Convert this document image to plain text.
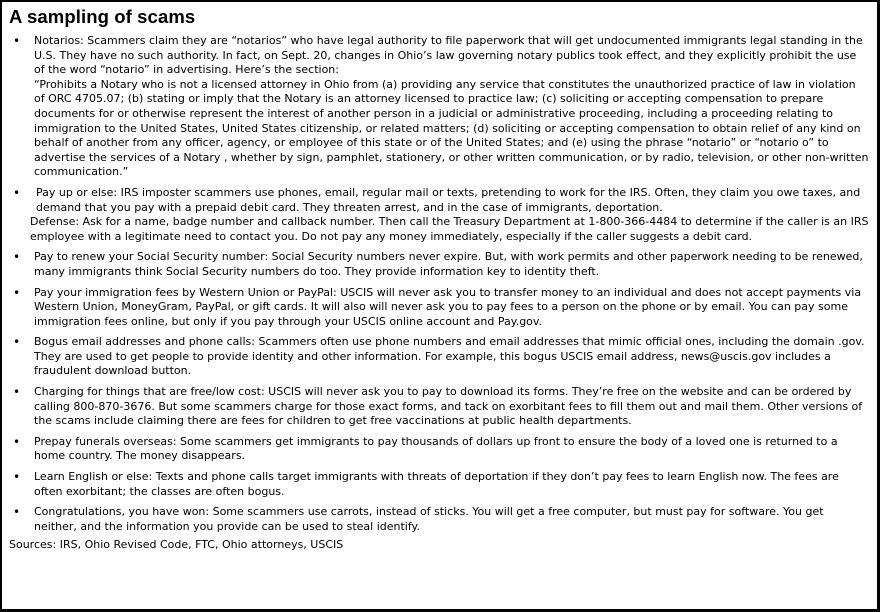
A sampling of scams
• Notarios: Scammers claim they are “notarios” who have legal authority to file paperwork that will get undocumented immigrants legal standing in the U.S. They have no such authority. In fact, on Sept. 20, changes in Ohio’s law governing notary publics took effect, and they explicitly prohibit the use of the word “notario” in advertising. Here’s the section:

“Prohibits a Notary who is not a licensed attorney in Ohio from (a) providing any service that constitutes the unauthorized practice of law in violation of ORC 4705.07; (b) stating or imply that the Notary is an attorney licensed to practice law; (c) soliciting or accepting compensation to prepare documents for or otherwise represent the interest of another person in a judicial or administrative proceeding, including a proceeding relating to immigration to the United States, United States citizenship, or related matters; (d) soliciting or accepting compensation to obtain relief of any kind on behalf of another from any officer, agency, or employee of this state or of the United States; and (e) using the phrase “notario” or “notario o” to advertise the services of a Notary , whether by sign, pamphlet, stationery, or other written communication, or by radio, television, or other non-written communication.”

• Pay up or else: IRS imposter scammers use phones, email, regular mail or texts, pretending to work for the IRS. Often, they claim you owe taxes, and demand that you pay with a prepaid debit card. They threaten arrest, and in the case of immigrants, deportation.

Defense: Ask for a name, badge number and callback number. Then call the Treasury Department at 1-800-366-4484 to determine if the caller is an IRS employee with a legitimate need to contact you. Do not pay any money immediately, especially if the caller suggests a debit card.

• Pay to renew your Social Security number: Social Security numbers never expire. But, with work permits and other paperwork needing to be renewed, many immigrants think Social Security numbers do too. They provide information key to identity theft.

• Pay your immigration fees by Western Union or PayPal: USCIS will never ask you to transfer money to an individual and does not accept payments via Western Union, MoneyGram, PayPal, or gift cards. It will also will never ask you to pay fees to a person on the phone or by email. You can pay some immigration fees online, but only if you pay through your USCIS online account and Pay.gov.

• Bogus email addresses and phone calls: Scammers often use phone numbers and email addresses that mimic official ones, including the domain .gov. They are used to get people to provide identity and other information. For example, this bogus USCIS email address, news@uscis.gov includes a fraudulent download button.

• Charging for things that are free/low cost: USCIS will never ask you to pay to download its forms. They’re free on the website and can be ordered by calling 800-870-3676. But some scammers charge for those exact forms, and tack on exorbitant fees to fill them out and mail them. Other versions of the scams include claiming there are fees for children to get free vaccinations at public health departments.

• Prepay funerals overseas: Some scammers get immigrants to pay thousands of dollars up front to ensure the body of a loved one is returned to a home country. The money disappears.

• Learn English or else: Texts and phone calls target immigrants with threats of deportation if they don’t pay fees to learn English now. The fees are often exorbitant; the classes are often bogus.

• Congratulations, you have won: Some scammers use carrots, instead of sticks. You will get a free computer, but must pay for software. You get neither, and the information you provide can be used to steal identify.

Sources: IRS, Ohio Revised Code, FTC, Ohio attorneys, USCIS
